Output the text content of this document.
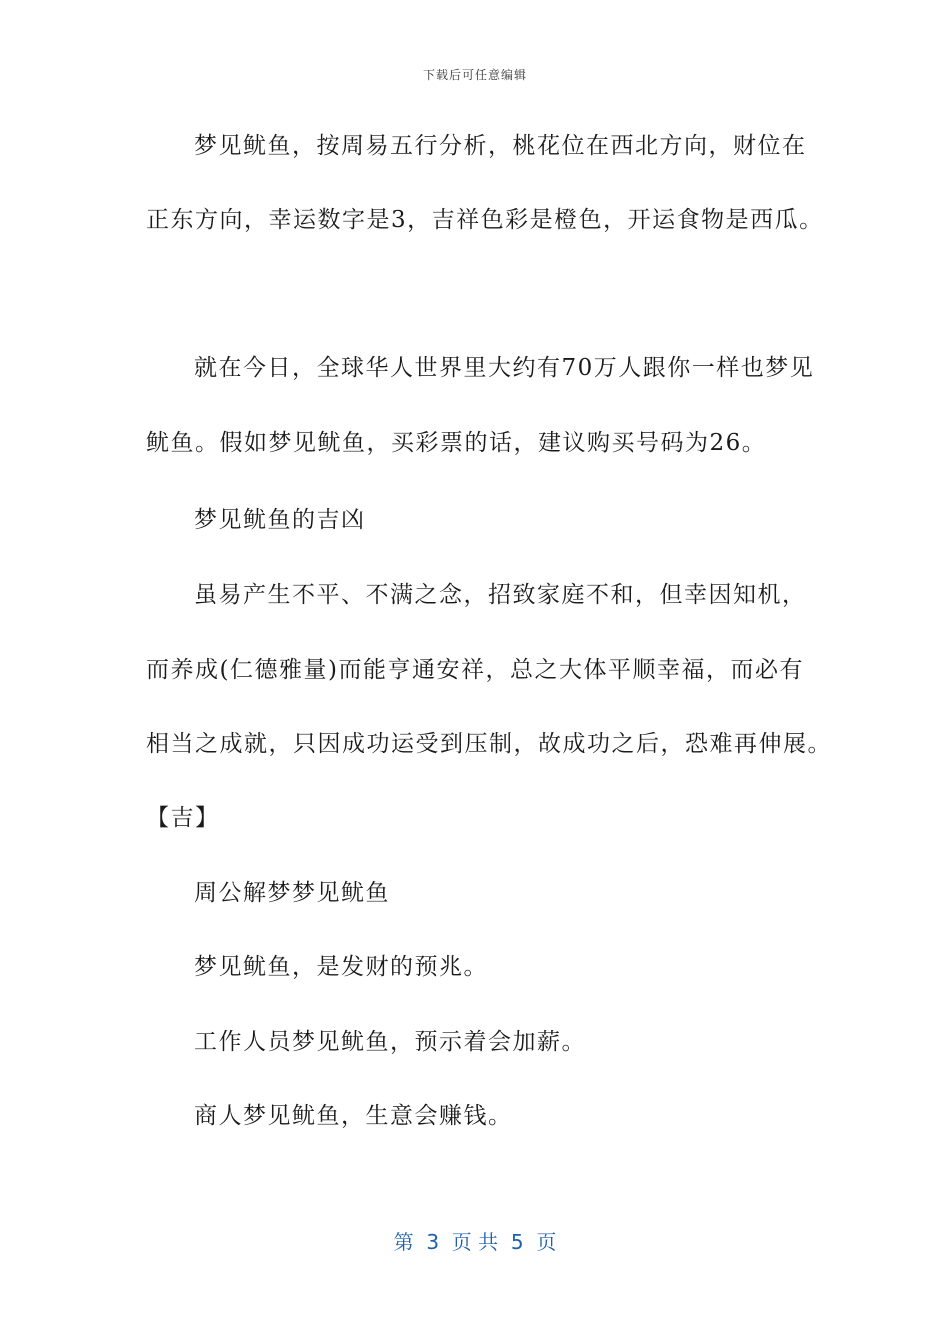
下载后可任意编辑
梦见鱿鱼，按周易五行分析，桃花位在西北方向，财位在
正东方向，幸运数字是3，吉祥色彩是橙色，开运食物是西瓜。
就在今日，全球华人世界里大约有70万人跟你一样也梦见
鱿鱼。假如梦见鱿鱼，买彩票的话，建议购买号码为26。
梦见鱿鱼的吉凶
虽易产生不平、不满之念，招致家庭不和，但幸因知机，
而养成(仁德雅量)而能亨通安祥，总之大体平顺幸福，而必有
相当之成就，只因成功运受到压制，故成功之后，恐难再伸展。
【吉】
周公解梦梦见鱿鱼
梦见鱿鱼，是发财的预兆。
工作人员梦见鱿鱼，预示着会加薪。
商人梦见鱿鱼，生意会赚钱。
第  3  页 共  5  页
